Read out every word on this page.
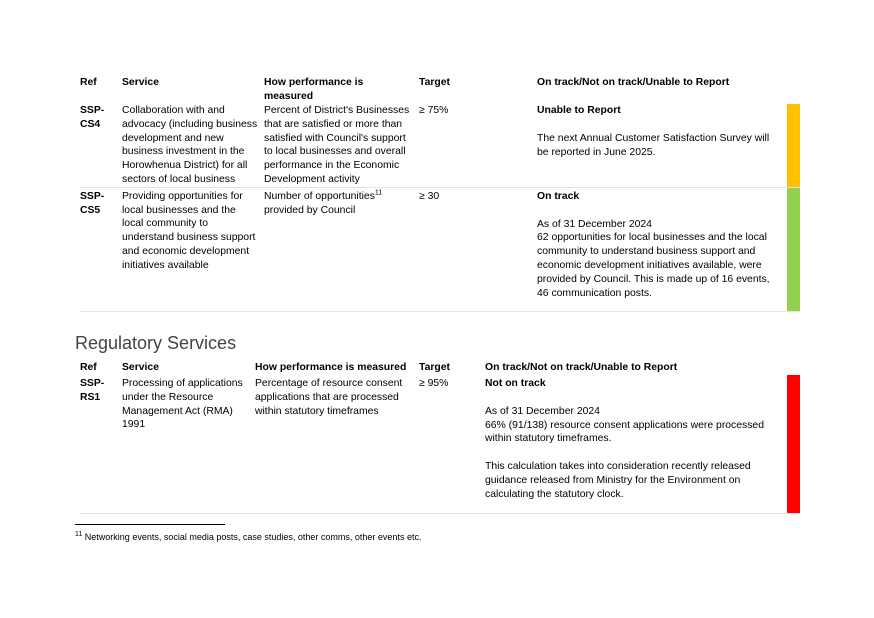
Ref	Service	How performance is measured	Target	On track/Not on track/Unable to Report	
SSP-CS4	Collaboration with and advocacy (including business development and new business investment in the Horowhenua District) for all sectors of local business	Percent of District's Businesses that are satisfied or more than satisfied with Council's support to local businesses and overall performance in the Economic Development activity	≥ 75%	Unable to Report
The next Annual Customer Satisfaction Survey will be reported in June 2025.	

SSP-CS5	Providing opportunities for local businesses and the local community to understand business support and economic development initiatives available	Number of opportunities$^{11}$ provided by Council	≥ 30	On track
As of 31 December 2024
62 opportunities for local businesses and the local community to understand business support and economic development initiatives available, were provided by Council. This is made up of 16 events, 46 communication posts.	

Regulatory Services
Ref	Service	How performance is measured	Target	On track/Not on track/Unable to Report	
SSP-RS1	Processing of applications under the Resource Management Act (RMA) 1991	Percentage of resource consent applications that are processed within statutory timeframes	≥ 95%	Not on track
As of 31 December 2024
66% (91/138) resource consent applications were processed within statutory timeframes.
This calculation takes into consideration recently released guidance released from Ministry for the Environment on calculating the statutory clock.	

$^{11}$ Networking events, social media posts, case studies, other comms, other events etc.
